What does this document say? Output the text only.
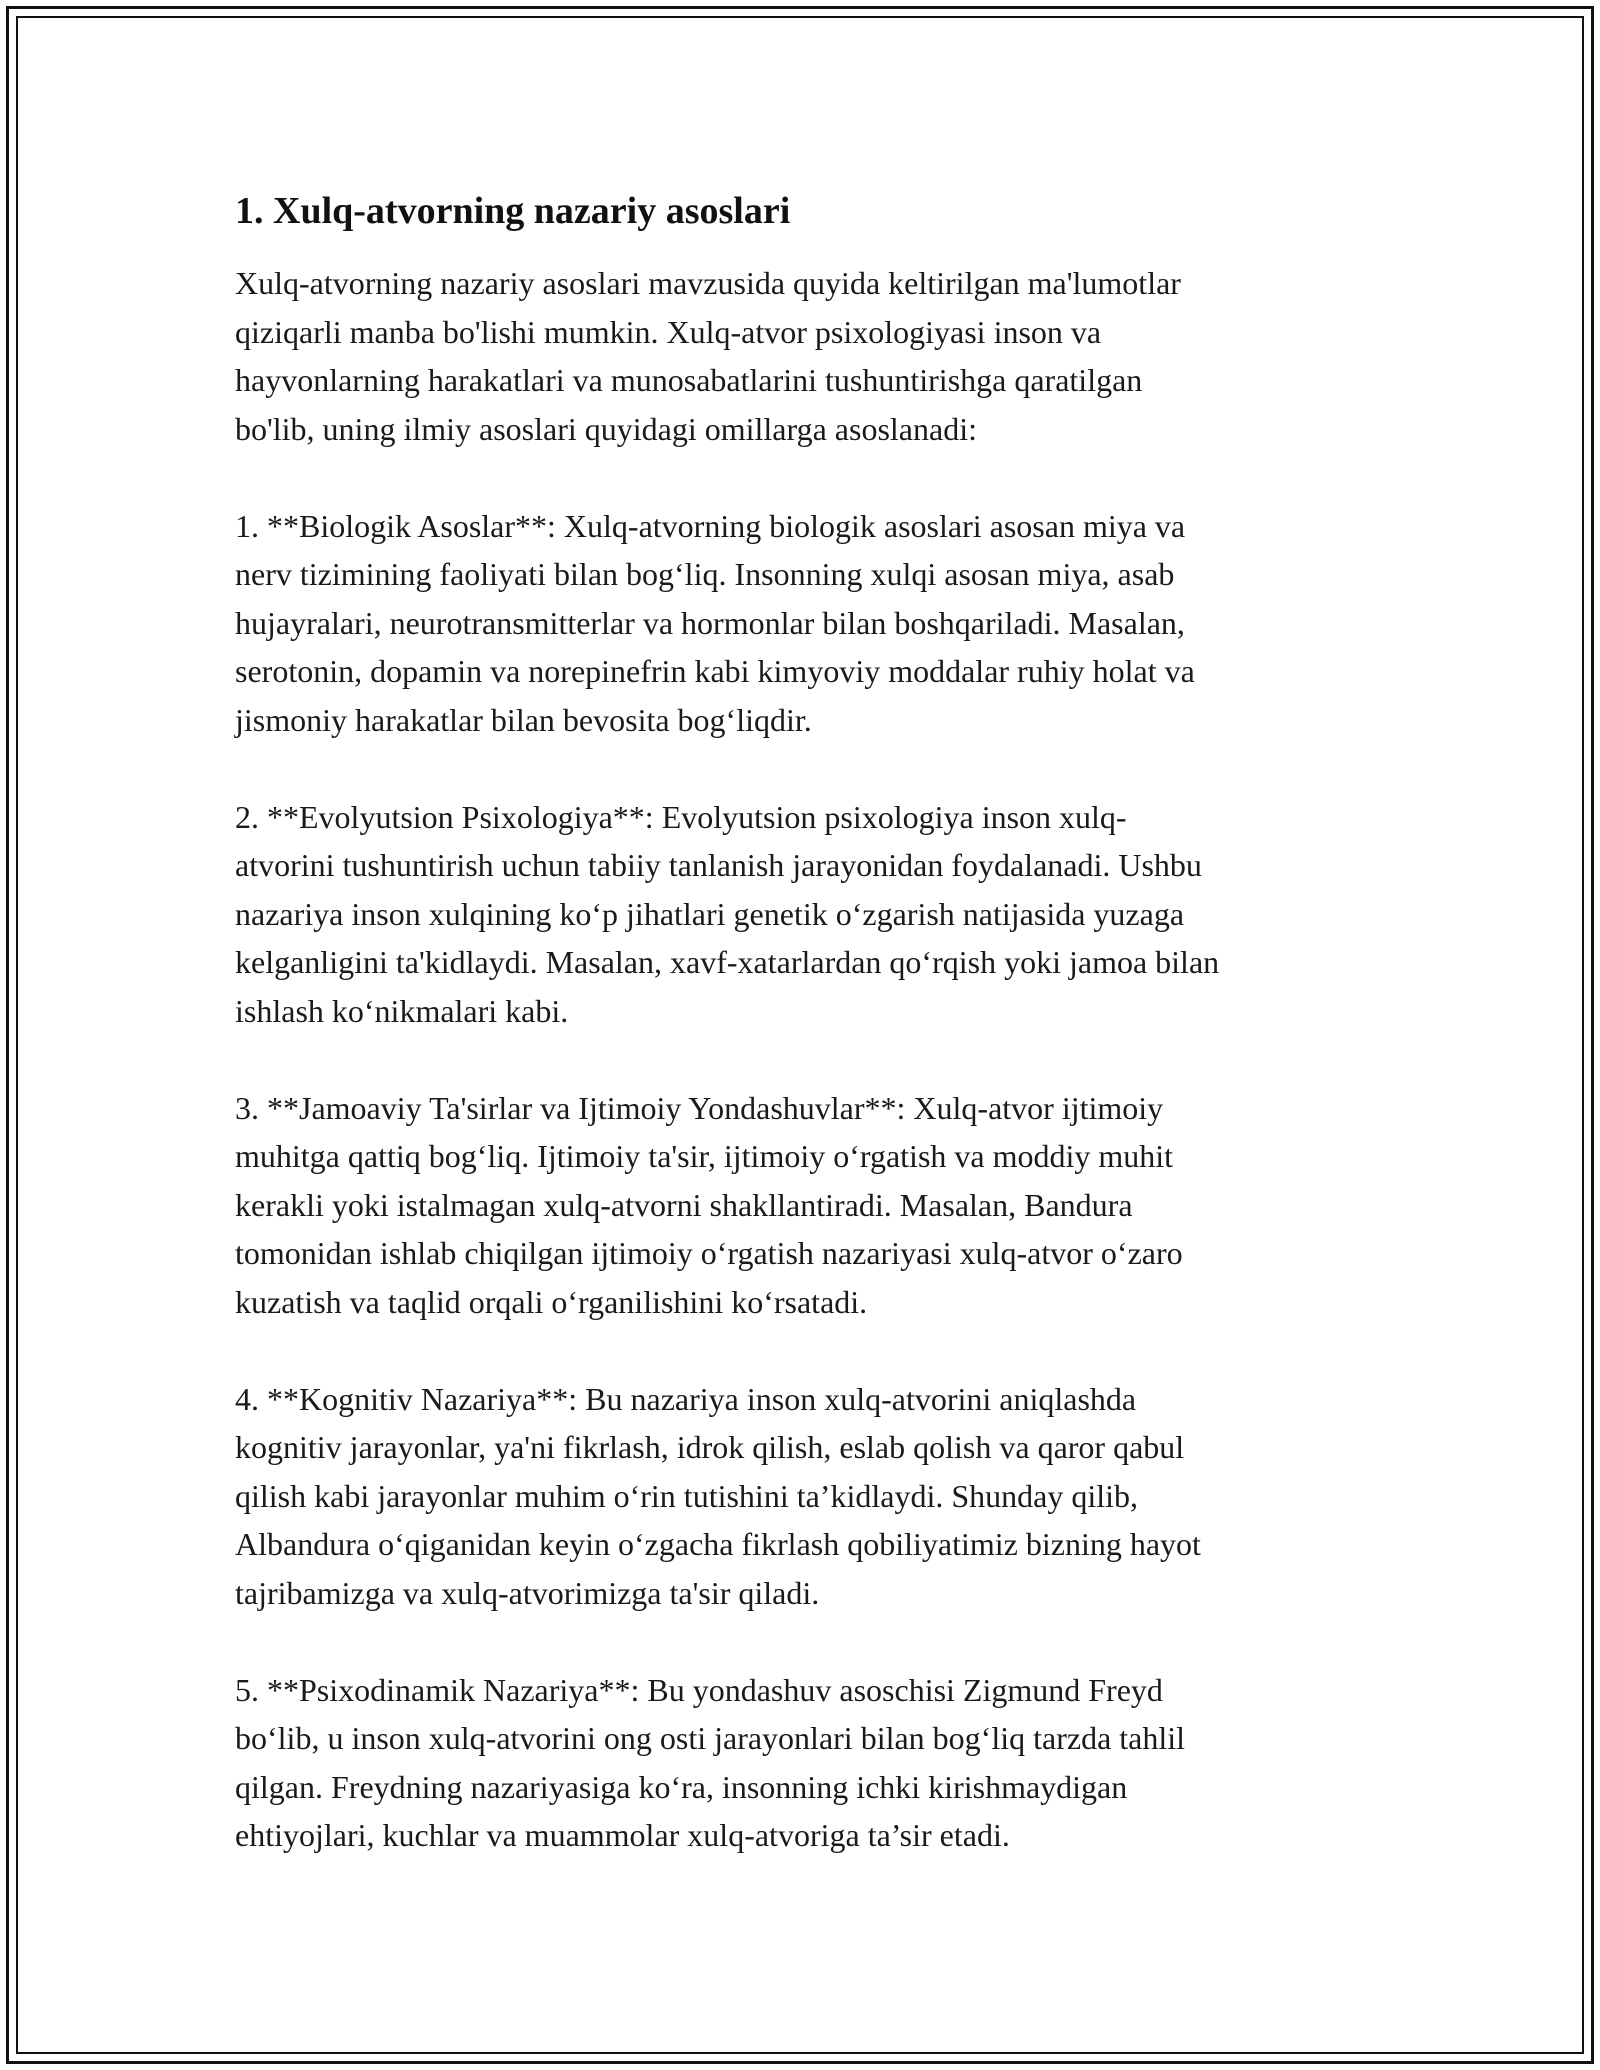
1. Xulq-atvorning nazariy asoslari

Xulq-atvorning nazariy asoslari mavzusida quyida keltirilgan ma'lumotlar
qiziqarli manba bo'lishi mumkin. Xulq-atvor psixologiyasi inson va
hayvonlarning harakatlari va munosabatlarini tushuntirishga qaratilgan
bo'lib, uning ilmiy asoslari quyidagi omillarga asoslanadi:

1. **Biologik Asoslar**: Xulq-atvorning biologik asoslari asosan miya va
nerv tizimining faoliyati bilan bog‘liq. Insonning xulqi asosan miya, asab
hujayralari, neurotransmitterlar va hormonlar bilan boshqariladi. Masalan,
serotonin, dopamin va norepinefrin kabi kimyoviy moddalar ruhiy holat va
jismoniy harakatlar bilan bevosita bog‘liqdir.

2. **Evolyutsion Psixologiya**: Evolyutsion psixologiya inson xulq-
atvorini tushuntirish uchun tabiiy tanlanish jarayonidan foydalanadi. Ushbu
nazariya inson xulqining ko‘p jihatlari genetik o‘zgarish natijasida yuzaga
kelganligini ta'kidlaydi. Masalan, xavf-xatarlardan qo‘rqish yoki jamoa bilan
ishlash ko‘nikmalari kabi.

3. **Jamoaviy Ta'sirlar va Ijtimoiy Yondashuvlar**: Xulq-atvor ijtimoiy
muhitga qattiq bog‘liq. Ijtimoiy ta'sir, ijtimoiy o‘rgatish va moddiy muhit
kerakli yoki istalmagan xulq-atvorni shakllantiradi. Masalan, Bandura
tomonidan ishlab chiqilgan ijtimoiy o‘rgatish nazariyasi xulq-atvor o‘zaro
kuzatish va taqlid orqali o‘rganilishini ko‘rsatadi.

4. **Kognitiv Nazariya**: Bu nazariya inson xulq-atvorini aniqlashda
kognitiv jarayonlar, ya'ni fikrlash, idrok qilish, eslab qolish va qaror qabul
qilish kabi jarayonlar muhim o‘rin tutishini ta’kidlaydi. Shunday qilib,
Albandura o‘qiganidan keyin o‘zgacha fikrlash qobiliyatimiz bizning hayot
tajribamizga va xulq-atvorimizga ta'sir qiladi.

5. **Psixodinamik Nazariya**: Bu yondashuv asoschisi Zigmund Freyd
bo‘lib, u inson xulq-atvorini ong osti jarayonlari bilan bog‘liq tarzda tahlil
qilgan. Freydning nazariyasiga ko‘ra, insonning ichki kirishmaydigan
ehtiyojlari, kuchlar va muammolar xulq-atvoriga ta’sir etadi.
